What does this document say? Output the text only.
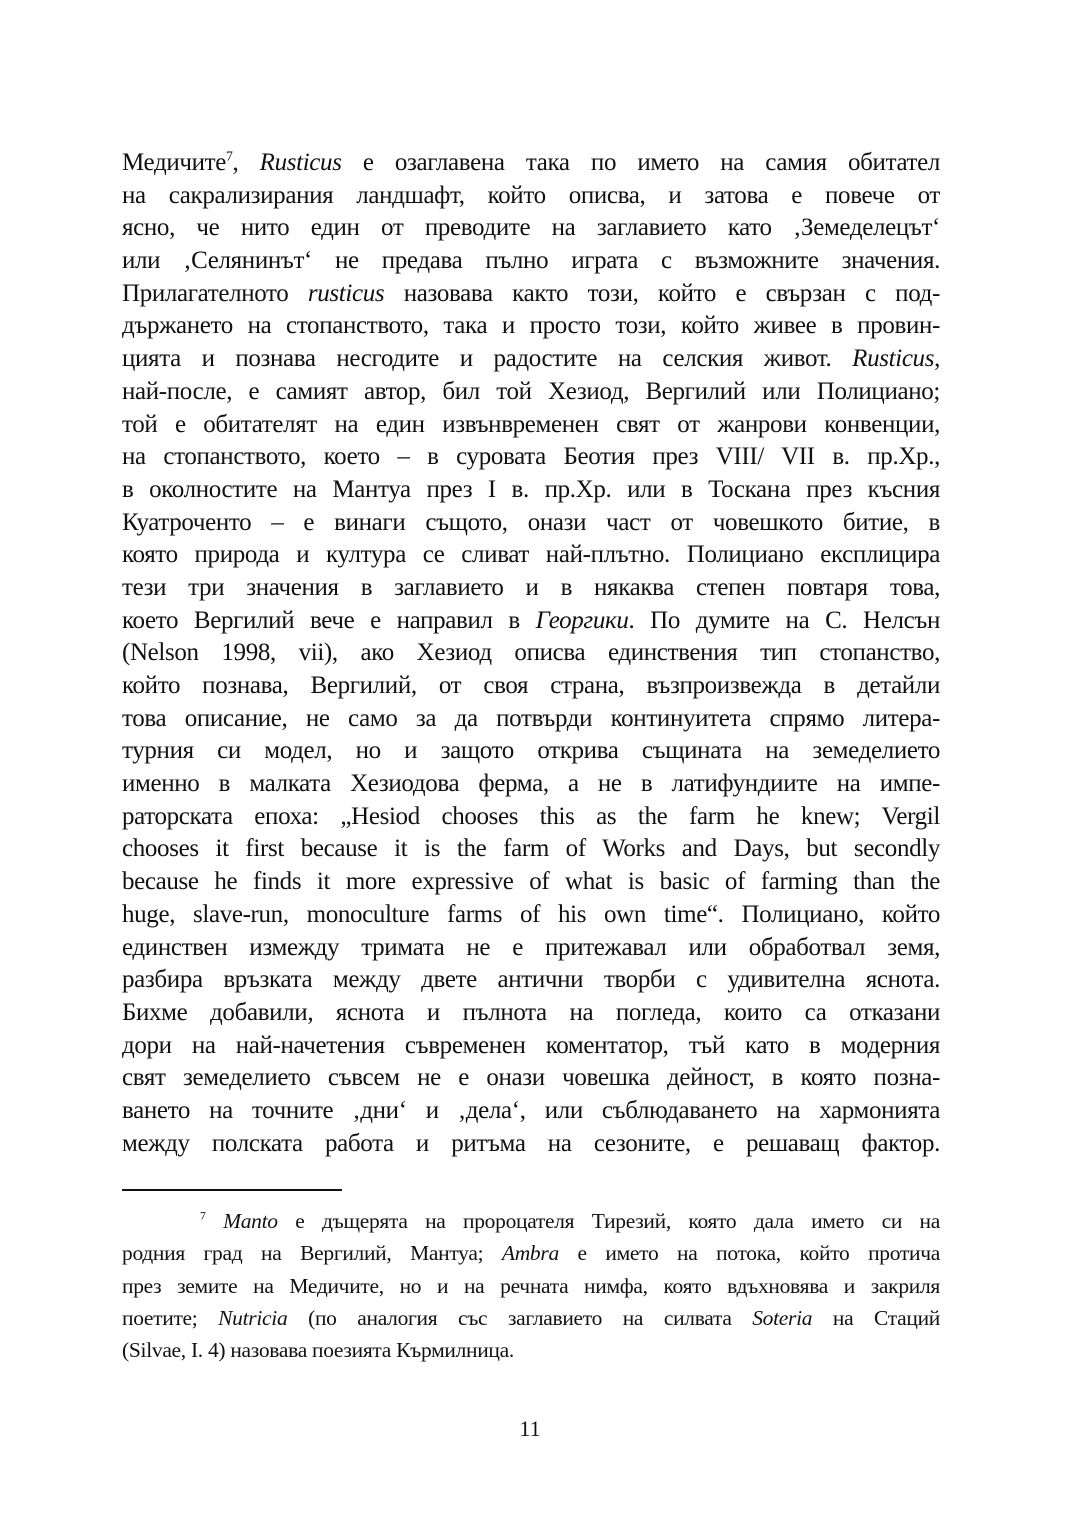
Медичите$^7$, Rusticus е озаглавена така по името на самия обитател
на сакрализирания ландшафт, който описва, и затова е повече от
ясно, че нито един от преводите на заглавието като ‚Земеделецът‘
или ‚Селянинът‘ не предава пълно играта с възможните значения.
Прилагателното rusticus назовава както този, който е свързан с под-
държането на стопанството, така и просто този, който живее в провин-
цията и познава несгодите и радостите на селския живот. Rusticus,
най-после, е самият автор, бил той Хезиод, Вергилий или Полициано;
той е обитателят на един извънвременен свят от жанрови конвенции,
на стопанството, което – в суровата Беотия през VIII/ VII в. пр.Хр.,
в околностите на Мантуа през I в. пр.Хр. или в Тоскана през късния
Куатроченто – е винаги същото, онази част от човешкото битие, в
която природа и култура се сливат най-плътно. Полициано експлицира
тези три значения в заглавието и в някаква степен повтаря това,
което Вергилий вече е направил в Георгики. По думите на С. Нелсън
(Nelson 1998, vii), ако Хезиод описва единствения тип стопанство,
който познава, Вергилий, от своя страна, възпроизвежда в детайли
това описание, не само за да потвърди континуитета спрямо литера-
турния си модел, но и защото открива същината на земеделието
именно в малката Хезиодова ферма, а не в латифундиите на импе-
раторската епоха: „Hesiod chooses this as the farm he knew; Vergil
chooses it first because it is the farm of Works and Days, but secondly
because he finds it more expressive of what is basic of farming than the
huge, slave-run, monoculture farms of his own time“. Полициано, който
единствен измежду тримата не е притежавал или обработвал земя,
разбира връзката между двете антични творби с удивителна яснота.
Бихме добавили, яснота и пълнота на погледа, които са отказани
дори на най-начетения съвременен коментатор, тъй като в модерния
свят земеделието съвсем не е онази човешка дейност, в която позна-
ването на точните ‚дни‘ и ‚дела‘, или съблюдаването на хармонията
между полската работа и ритъма на сезоните, е решаващ фактор.
$^7$ Manto е дъщерята на пророцателя Тирезий, която дала името си на
родния град на Вергилий, Мантуа; Ambra е името на потока, който протича
през земите на Медичите, но и на речната нимфа, която вдъхновява и закриля
поетите; Nutricia (по аналогия със заглавието на силвата Soteria на Стаций
(Silvae, I. 4) назовава поезията Кърмилница.
11
